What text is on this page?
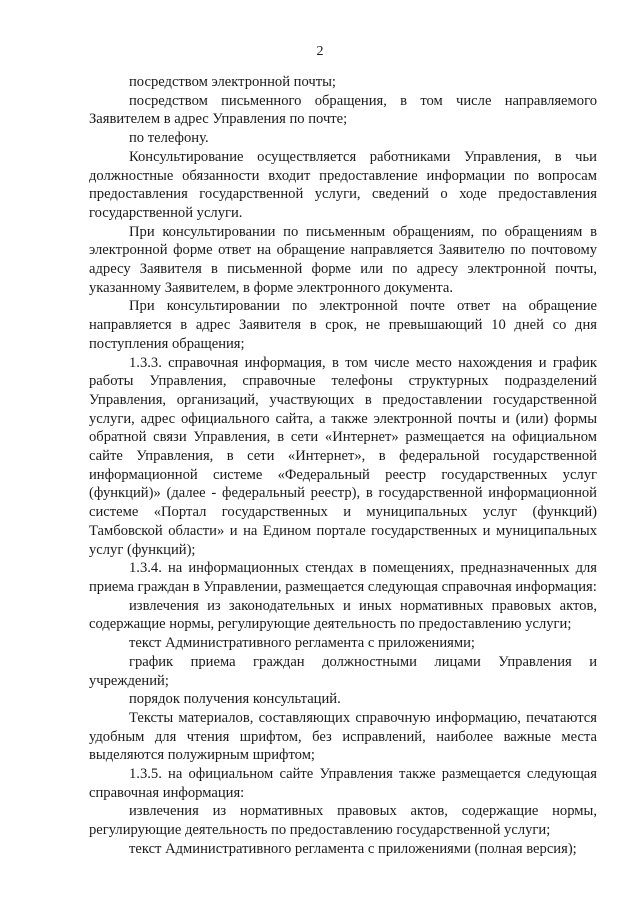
2

посредством электронной почты;

посредством письменного обращения, в том числе направляемого Заявителем в адрес Управления по почте;

по телефону.

Консультирование осуществляется работниками Управления, в чьи должностные обязанности входит предоставление информации по вопросам предоставления государственной услуги, сведений о ходе предоставления государственной услуги.

При консультировании по письменным обращениям, по обращениям в электронной форме ответ на обращение направляется Заявителю по почтовому адресу Заявителя в письменной форме или по адресу электронной почты, указанному Заявителем, в форме электронного документа.

При консультировании по электронной почте ответ на обращение направляется в адрес Заявителя в срок, не превышающий 10 дней со дня поступления обращения;

1.3.3. справочная информация, в том числе место нахождения и график работы Управления, справочные телефоны структурных подразделений Управления, организаций, участвующих в предоставлении государственной услуги, адрес официального сайта, а также электронной почты и (или) формы обратной связи Управления, в сети «Интернет» размещается на официальном сайте Управления, в сети «Интернет», в федеральной государственной информационной системе «Федеральный реестр государственных услуг (функций)» (далее - федеральный реестр), в государственной информационной системе «Портал государственных и муниципальных услуг (функций) Тамбовской области» и на Едином портале государственных и муниципальных услуг (функций);

1.3.4. на информационных стендах в помещениях, предназначенных для приема граждан в Управлении, размещается следующая справочная информация:

извлечения из законодательных и иных нормативных правовых актов, содержащие нормы, регулирующие деятельность по предоставлению услуги;

текст Административного регламента с приложениями;

график приема граждан должностными лицами Управления и учреждений;

порядок получения консультаций.

Тексты материалов, составляющих справочную информацию, печатаются удобным для чтения шрифтом, без исправлений, наиболее важные места выделяются полужирным шрифтом;

1.3.5. на официальном сайте Управления также размещается следующая справочная информация:

извлечения из нормативных правовых актов, содержащие нормы, регулирующие деятельность по предоставлению государственной услуги;

текст Административного регламента с приложениями (полная версия);
